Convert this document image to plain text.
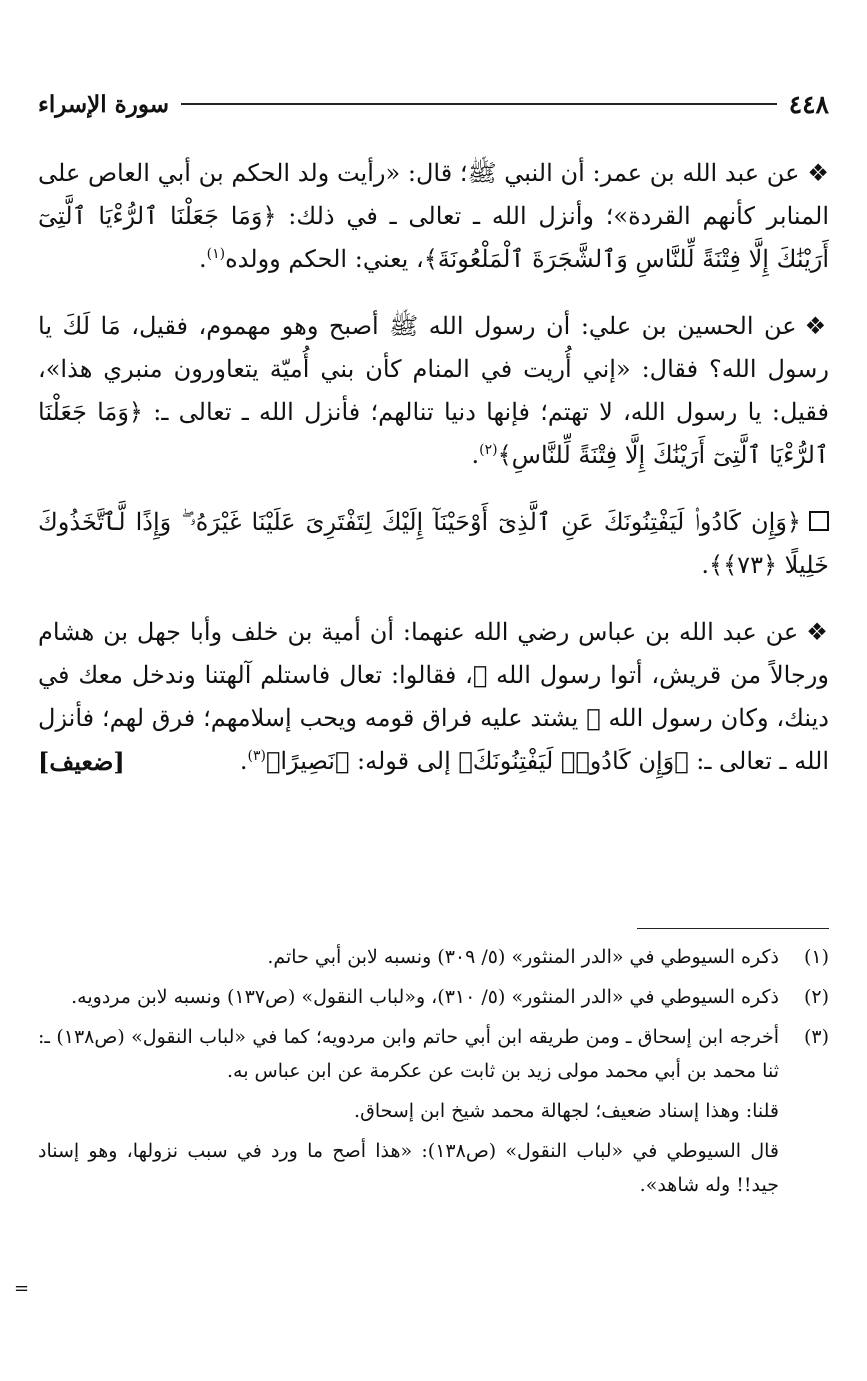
٤٤٨
سورة الإسراء

❖عن عبد الله بن عمر: أن النبي ﷺ؛ قال: «رأيت ولد الحكم بن أبي العاص على المنابر كأنهم القردة»؛ وأنزل الله ـ تعالى ـ في ذلك: ﴿وَمَا جَعَلْنَا ٱلرُّءْيَا ٱلَّتِىٓ أَرَيْنَٰكَ إِلَّا فِتْنَةً لِّلنَّاسِ وَٱلشَّجَرَةَ ٱلْمَلْعُونَةَ﴾، يعني: الحكم وولده$^{(١)}$.

❖عن الحسين بن علي: أن رسول الله ﷺ أصبح وهو مهموم، فقيل، مَا لَكَ يا رسول الله؟ فقال: «إني أُريت في المنام كأن بني أُميّة يتعاورون منبري هذا»، فقيل: يا رسول الله، لا تهتم؛ فإنها دنيا تنالهم؛ فأنزل الله ـ تعالى ـ: ﴿وَمَا جَعَلْنَا ٱلرُّءْيَا ٱلَّتِىٓ أَرَيْنَٰكَ إِلَّا فِتْنَةً لِّلنَّاسِ﴾$^{(٢)}$.

﴿وَإِن كَادُوا۟ لَيَفْتِنُونَكَ عَنِ ٱلَّذِىٓ أَوْحَيْنَآ إِلَيْكَ لِتَفْتَرِىَ عَلَيْنَا غَيْرَهُۥ ۖ وَإِذًا لَّٱتَّخَذُوكَ خَلِيلًا ﴿٧٣﴾﴾.

❖عن عبد الله بن عباس رضي الله عنهما: أن أمية بن خلف وأبا جهل بن هشام ورجالاً من قريش، أتوا رسول الله ﷺ، فقالوا: تعال فاستلم آلهتنا وندخل معك في دينك، وكان رسول الله ﷺ يشتد عليه فراق قومه ويحب إسلامهم؛ فرق لهم؛ فأنزل الله ـ تعالى ـ: ﴿وَإِن كَادُوا۟ لَيَفْتِنُونَكَ﴾ إلى قوله: ﴿نَصِيرًا﴾$^{(٣)}$.
[ضعيف]

(١)
ذكره السيوطي في «الدر المنثور» (٥/ ٣٠٩) ونسبه لابن أبي حاتم.
(٢)
ذكره السيوطي في «الدر المنثور» (٥/ ٣١٠)، و«لباب النقول» (ص١٣٧) ونسبه لابن مردويه.
(٣)
أخرجه ابن إسحاق ـ ومن طريقه ابن أبي حاتم وابن مردويه؛ كما في «لباب النقول» (ص١٣٨) ـ: ثنا محمد بن أبي محمد مولى زيد بن ثابت عن عكرمة عن ابن عباس به.
قلنا: وهذا إسناد ضعيف؛ لجهالة محمد شيخ ابن إسحاق.
قال السيوطي في «لباب النقول» (ص١٣٨): «هذا أصح ما ورد في سبب نزولها، وهو إسناد جيد!! وله شاهد».
=
